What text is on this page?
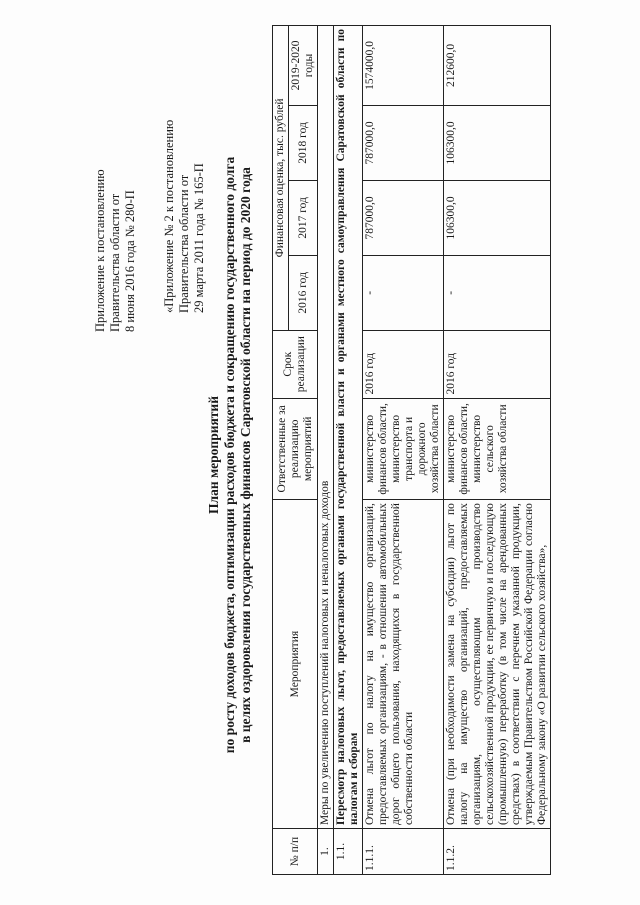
Приложение к постановлению Правительства области от 8 июня 2016 года № 280-П «Приложение № 2 к постановлению Правительства области от 29 марта 2011 года № 165-П
План мероприятий по росту доходов бюджета, оптимизации расходов бюджета и сокращению государственного долга в целях оздоровления государственных финансов Саратовской области на период до 2020 года
№ п/п	Мероприятия	Ответственные за реализацию мероприятий	Срок реализации	Финансовая оценка, тыс. рублей			
				2016 год	2017 год	2018 год	2019-2020 годы
1.	Меры по увеличению поступлений налоговых и неналоговых доходов						
1.1.	Пересмотр налоговых льгот, предоставляемых органами государственной власти и органами местного самоуправления Саратовской области по налогам и сборам						
1.1.1.	Отмена льгот по налогу на имущество организаций, предоставляемых организациям, - в отношении автомобильных дорог общего пользования, находящихся в государственной собственности области	министерство финансов области, министерство транспорта и дорожного хозяйства области	2016 год	-	787000,0	787000,0	1574000,0
1.1.2.	Отмена (при необходимости замена на субсидии) льгот по налогу на имущество организаций, предоставляемых организациям, осуществляющим производство сельскохозяйственной продукции, ее первичную и последующую (промышленную) переработку (в том числе на арендованных средствах) в соответствии с перечнем указанной продукции, утверждаемым Правительством Российской Федерации согласно Федеральному закону «О развитии сельского хозяйства»,	министерство финансов области, министерство сельского хозяйства области	2016 год	-	106300,0	106300,0	212600,0
